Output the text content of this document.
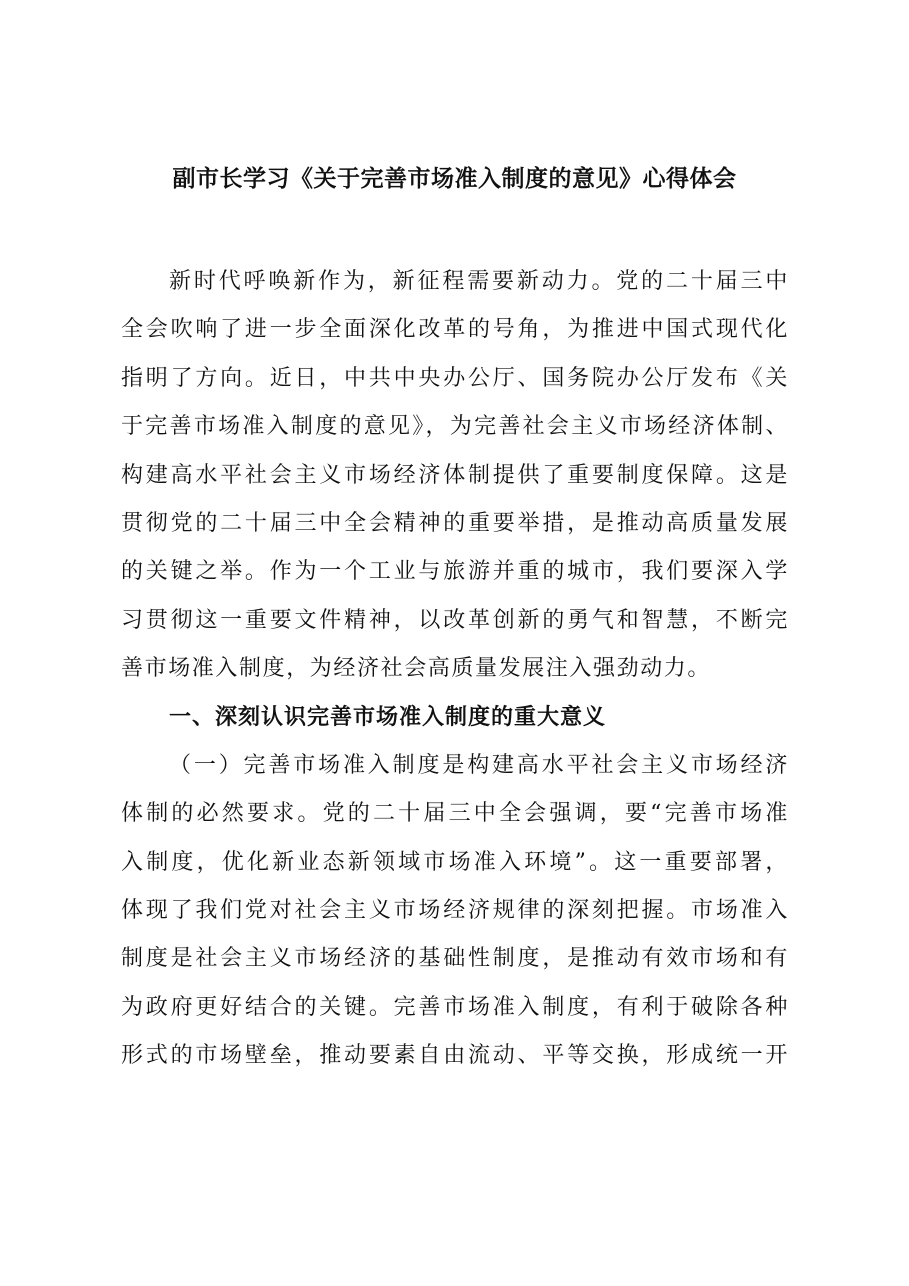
副市长学习《关于完善市场准入制度的意见》心得体会
新时代呼唤新作为，新征程需要新动力。党的二十届三中
全会吹响了进一步全面深化改革的号角，为推进中国式现代化
指明了方向。近日，中共中央办公厅、国务院办公厅发布《关
于完善市场准入制度的意见》，为完善社会主义市场经济体制、
构建高水平社会主义市场经济体制提供了重要制度保障。这是
贯彻党的二十届三中全会精神的重要举措，是推动高质量发展
的关键之举。作为一个工业与旅游并重的城市，我们要深入学
习贯彻这一重要文件精神，以改革创新的勇气和智慧，不断完
善市场准入制度，为经济社会高质量发展注入强劲动力。
一、深刻认识完善市场准入制度的重大意义
（一）完善市场准入制度是构建高水平社会主义市场经济
体制的必然要求。党的二十届三中全会强调，要“完善市场准
入制度，优化新业态新领域市场准入环境”。这一重要部署，
体现了我们党对社会主义市场经济规律的深刻把握。市场准入
制度是社会主义市场经济的基础性制度，是推动有效市场和有
为政府更好结合的关键。完善市场准入制度，有利于破除各种
形式的市场壁垒，推动要素自由流动、平等交换，形成统一开
